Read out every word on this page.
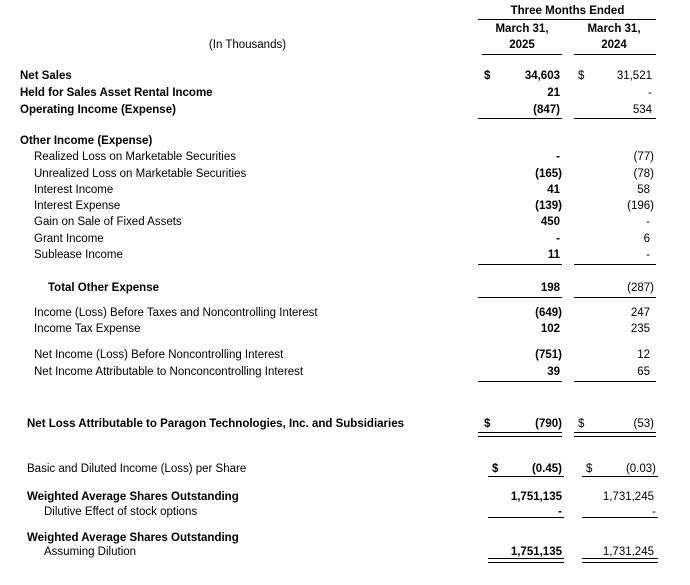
Three Months Ended
March 31,	March 31,
(In Thousands)	2025	2024
Net Sales	$	34,603 $	31,521
Held for Sales Asset Rental Income	21	-
Operating Income (Expense)	(847)	534
Other Income (Expense)
Realized Loss on Marketable Securities	-	(77)
Unrealized Loss on Marketable Securities	(165)	(78)
Interest Income	41	58
Interest Expense	(139)	(196)
Gain on Sale of Fixed Assets	450	-
Grant Income	-	6
Sublease Income	11	-
Total Other Expense	198	(287)
Income (Loss) Before Taxes and Noncontrolling Interest	(649)	247
Income Tax Expense	102	235
Net Income (Loss) Before Noncontrolling Interest	(751)	12
Net Income Attributable to Nonconcontrolling Interest	39	65
Net Loss Attributable to Paragon Technologies, Inc. and Subsidiaries	$	(790) $	(53)
Basic and Diluted Income (Loss) per Share	$	(0.45) $	(0.03)
Weighted Average Shares Outstanding	1,751,135	1,731,245
Dilutive Effect of stock options	-	-
Weighted Average Shares Outstanding
Assuming Dilution	1,751,135	1,731,245
